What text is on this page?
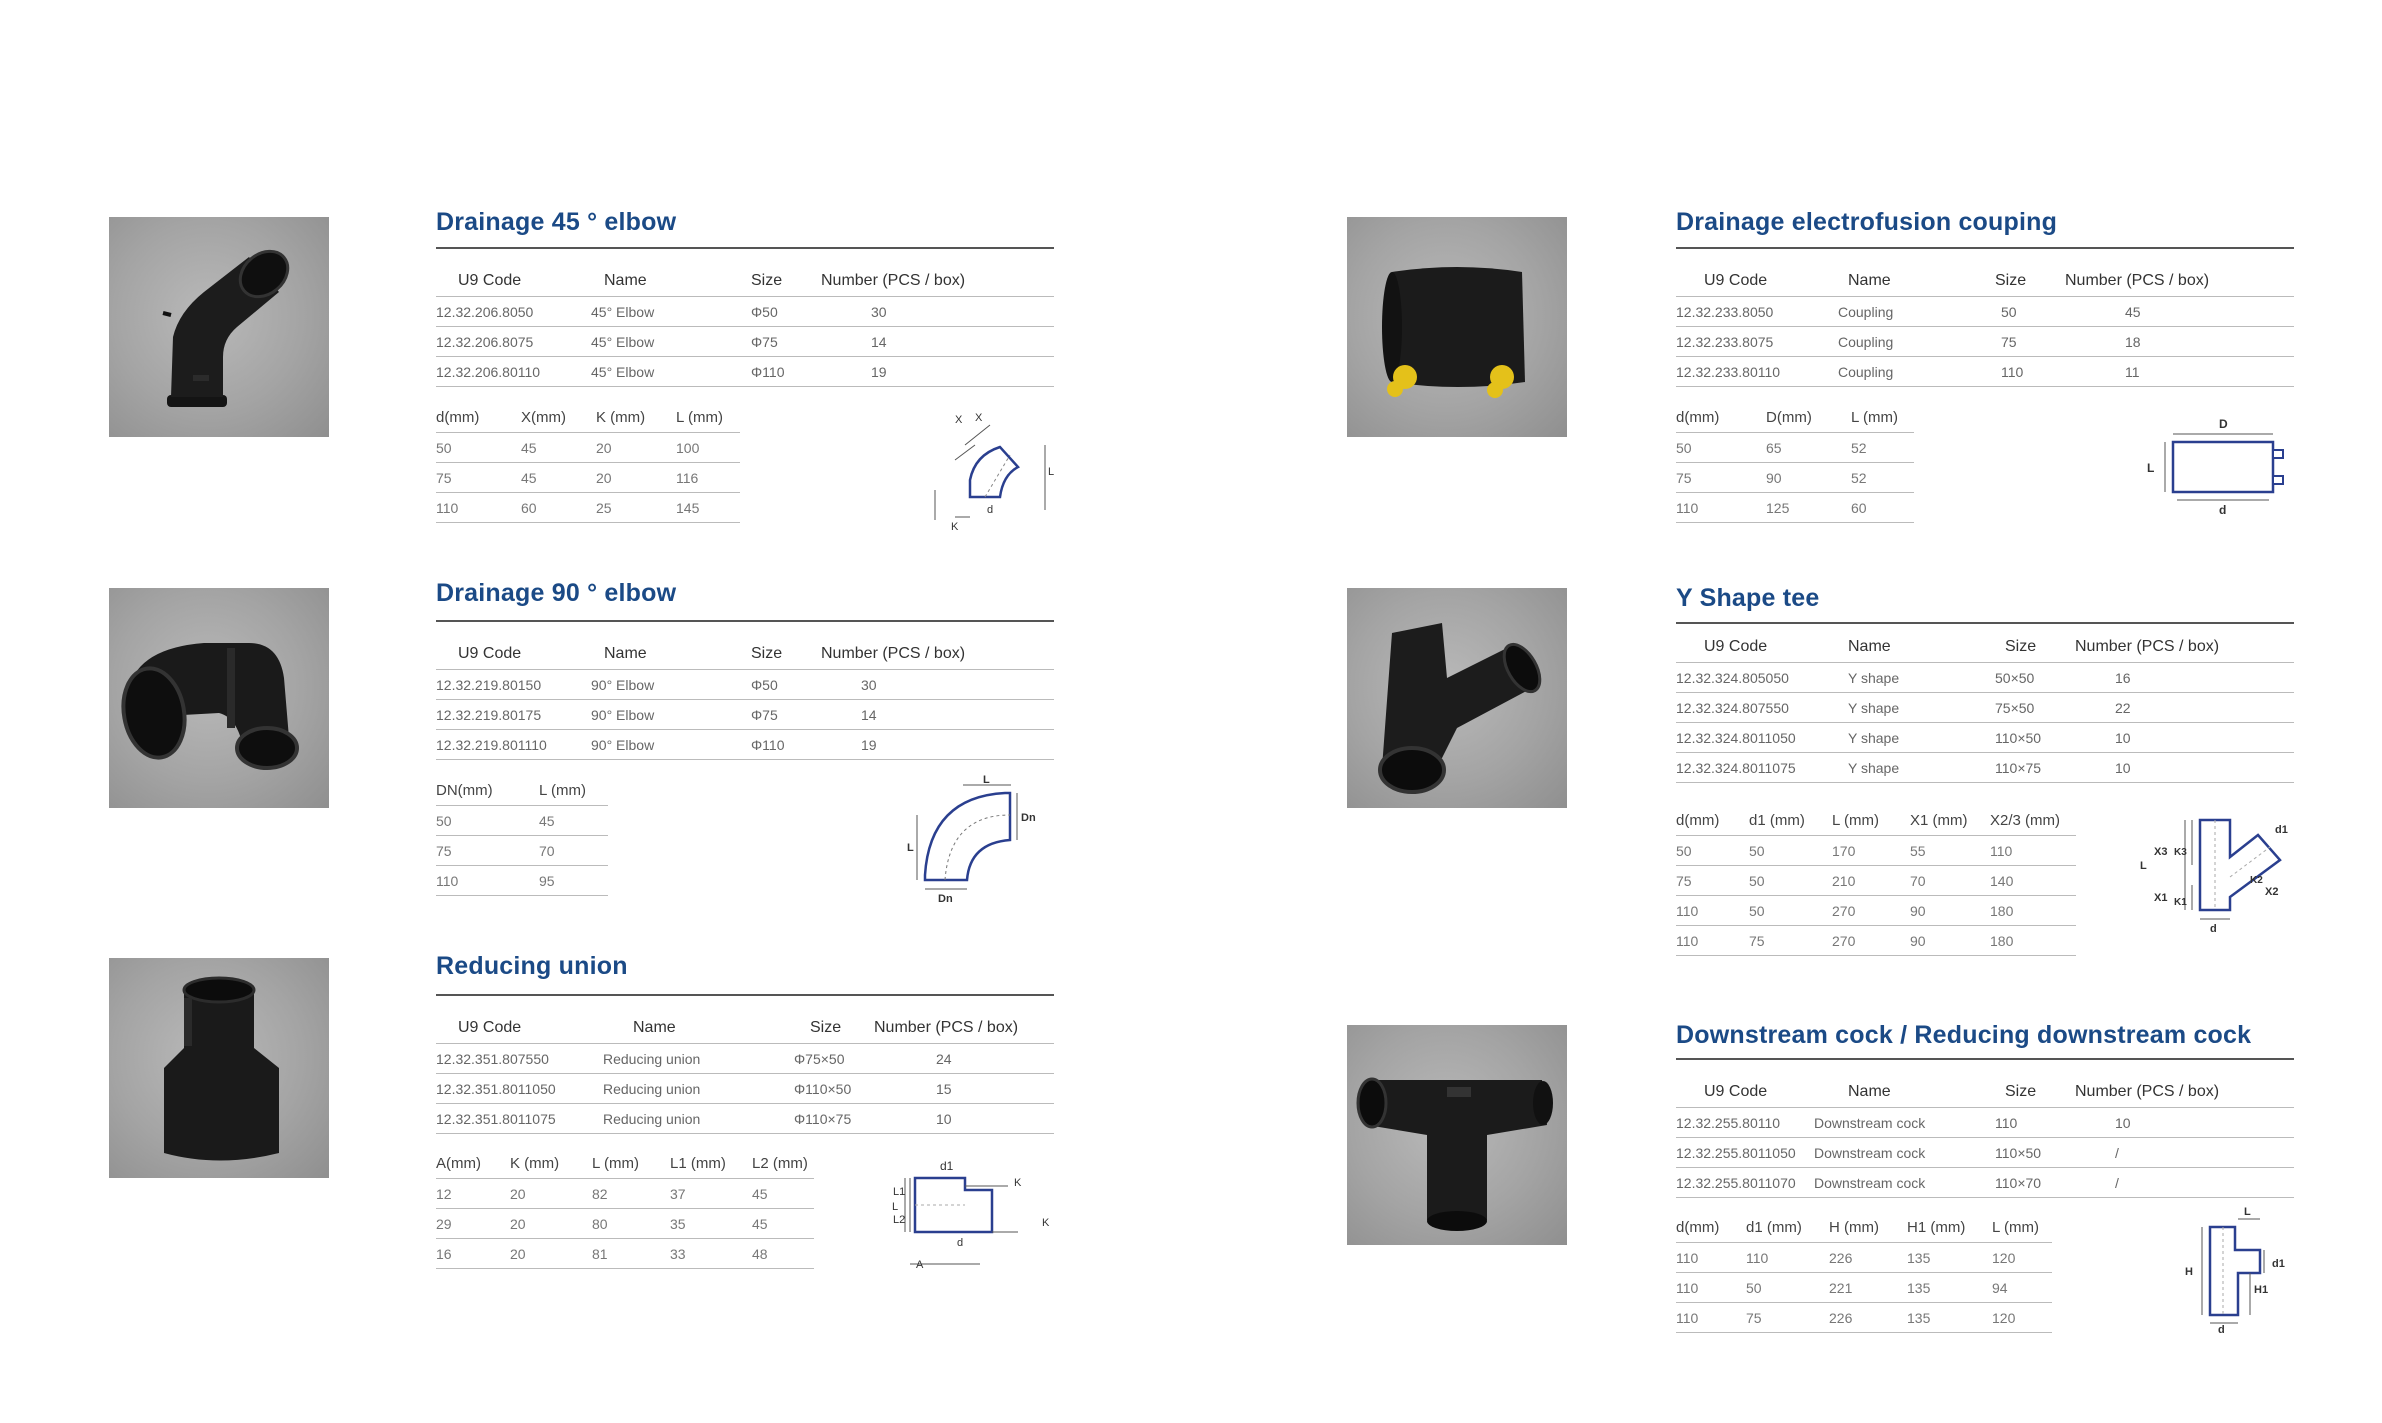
Drainage 45 ° elbow
U9 Code	Name	Size	Number (PCS / box)
12.32.206.8050	45° Elbow	Φ50	30
12.32.206.8075	45° Elbow	Φ75	14
12.32.206.80110	45° Elbow	Φ110	19
d(mm)	X(mm)	K (mm)	L (mm)
50	45	20	100
75	45	20	116
110	60	25	145
X X
L
K
d
Drainage 90 ° elbow
U9 Code	Name	Size	Number (PCS / box)
12.32.219.80150	90° Elbow	Φ50	30
12.32.219.80175	90° Elbow	Φ75	14
12.32.219.801110	90° Elbow	Φ110	19
DN(mm)	L (mm)
50	45
75	70
110	95
L
L
Dn
Dn
Reducing union
U9 Code	Name	Size	Number (PCS / box)
12.32.351.807550	Reducing union	Φ75×50	24
12.32.351.8011050	Reducing union	Φ110×50	15
12.32.351.8011075	Reducing union	Φ110×75	10
A(mm)	K (mm)	L (mm)	L1 (mm)	L2 (mm)
12	20	82	37	45
29	20	80	35	45
16	20	81	33	48
d1
L1
L
L2
K
K
d
A
Drainage electrofusion couping
U9 Code	Name	Size	Number (PCS / box)
12.32.233.8050	Coupling	50	45
12.32.233.8075	Coupling	75	18
12.32.233.80110	Coupling	110	11
d(mm)	D(mm)	L (mm)
50	65	52
75	90	52
110	125	60
D
L
d
Y Shape tee
U9 Code	Name	Size	Number (PCS / box)
12.32.324.805050	Y shape	50×50	16
12.32.324.807550	Y shape	75×50	22
12.32.324.8011050	Y shape	110×50	10
12.32.324.8011075	Y shape	110×75	10
d(mm)	d1 (mm)	L (mm)	X1 (mm)	X2/3 (mm)
50	50	170	55	110
75	50	210	70	140
110	50	270	90	180
110	75	270	90	180
X3 K3
d1
L
K2
X2
X1 K1
d
Downstream cock / Reducing downstream cock
U9 Code	Name	Size	Number (PCS / box)
12.32.255.80110	Downstream cock	110	10
12.32.255.8011050	Downstream cock	110×50	/
12.32.255.8011070	Downstream cock	110×70	/
d(mm)	d1 (mm)	H (mm)	H1 (mm)	L (mm)
110	110	226	135	120
110	50	221	135	94
110	75	226	135	120
L
d1
H
H1
d
